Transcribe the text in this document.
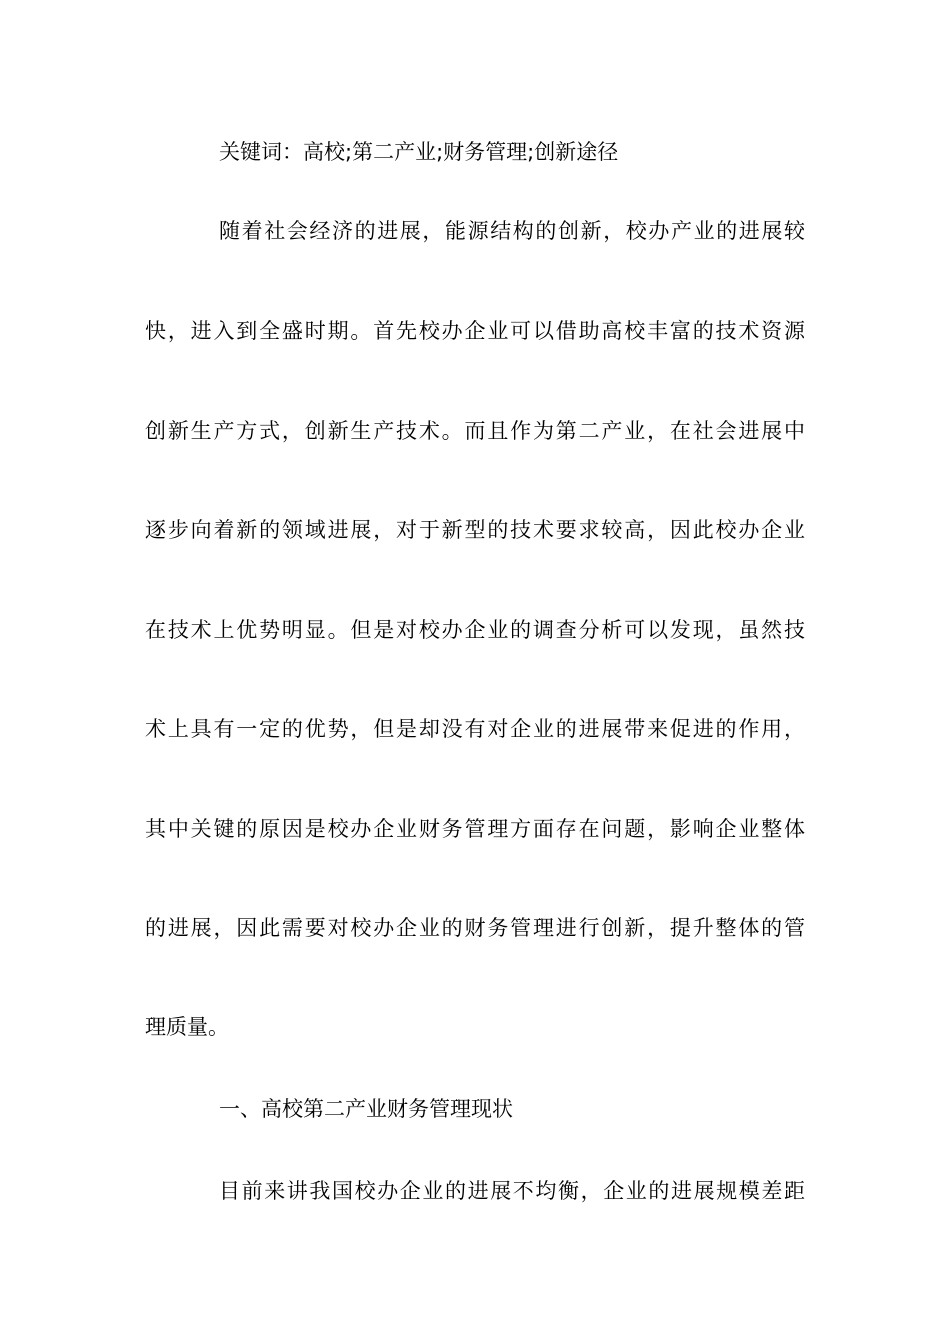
关键词：高校;第二产业;财务管理;创新途径
随着社会经济的进展，能源结构的创新，校办产业的进展较
快，进入到全盛时期。首先校办企业可以借助高校丰富的技术资源
创新生产方式，创新生产技术。而且作为第二产业，在社会进展中
逐步向着新的领域进展，对于新型的技术要求较高，因此校办企业
在技术上优势明显。但是对校办企业的调查分析可以发现，虽然技
术上具有一定的优势，但是却没有对企业的进展带来促进的作用，
其中关键的原因是校办企业财务管理方面存在问题，影响企业整体
的进展，因此需要对校办企业的财务管理进行创新，提升整体的管
理质量。
一、高校第二产业财务管理现状
目前来讲我国校办企业的进展不均衡，企业的进展规模差距
